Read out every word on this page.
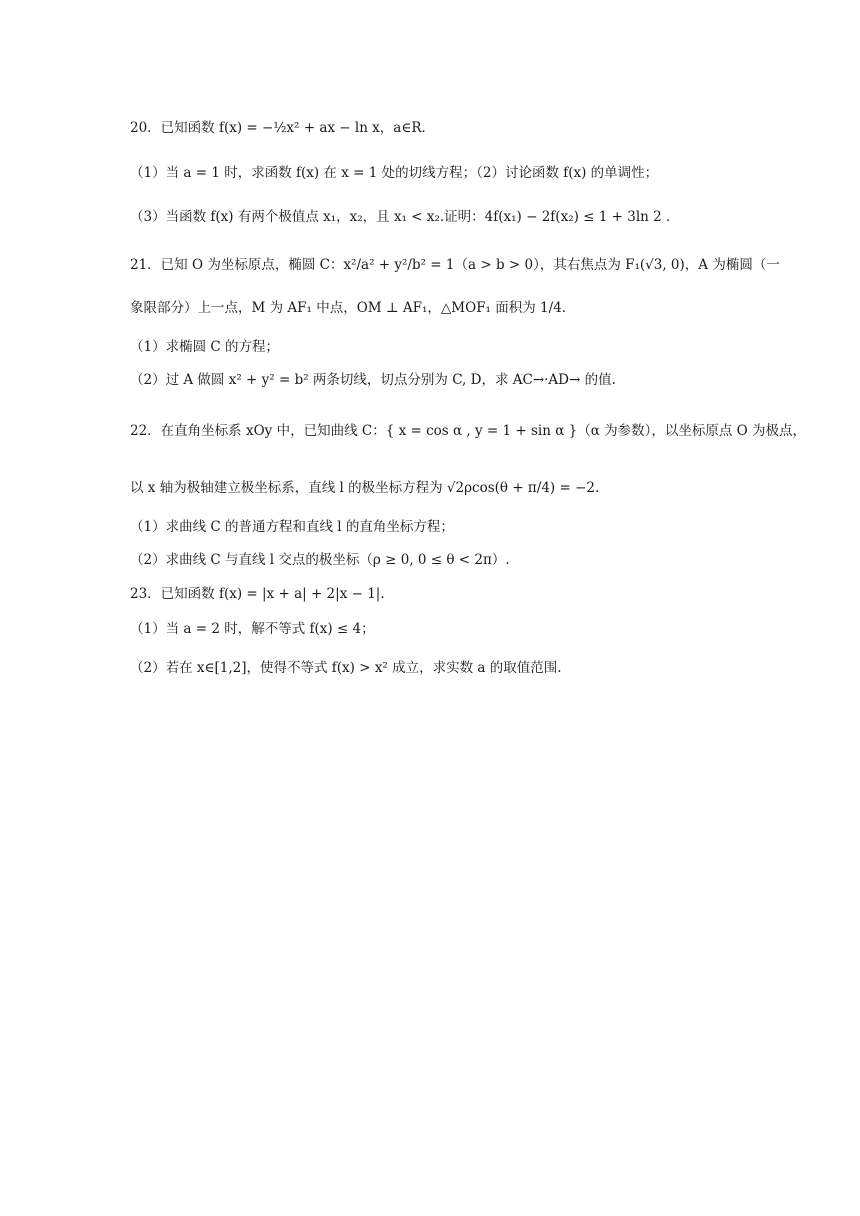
20．已知函数 f(x) = −½x² + ax − ln x，a∈R．
（1）当 a = 1 时，求函数 f(x) 在 x = 1 处的切线方程；（2）讨论函数 f(x) 的单调性；
（3）当函数 f(x) 有两个极值点 x₁，x₂，且 x₁ < x₂.证明：4f(x₁) − 2f(x₂) ≤ 1 + 3ln 2 ．
21．已知 O 为坐标原点，椭圆 C：x²/a² + y²/b² = 1（a > b > 0），其右焦点为 F₁(√3, 0)，A 为椭圆（一
象限部分）上一点，M 为 AF₁ 中点，OM ⊥ AF₁，△MOF₁ 面积为 1/4．
（1）求椭圆 C 的方程；
（2）过 A 做圆 x² + y² = b² 两条切线，切点分别为 C, D，求 AC→·AD→ 的值.
22．在直角坐标系 xOy 中，已知曲线 C：{ x = cos α , y = 1 + sin α }（α 为参数），以坐标原点 O 为极点，
以 x 轴为极轴建立极坐标系，直线 l 的极坐标方程为 √2ρcos(θ + π/4) = −2.
（1）求曲线 C 的普通方程和直线 l 的直角坐标方程；
（2）求曲线 C 与直线 l 交点的极坐标（ρ ≥ 0, 0 ≤ θ < 2π）.
23．已知函数 f(x) = |x + a| + 2|x − 1|.
（1）当 a = 2 时，解不等式 f(x) ≤ 4；
（2）若在 x∈[1,2]，使得不等式 f(x) > x² 成立，求实数 a 的取值范围.
